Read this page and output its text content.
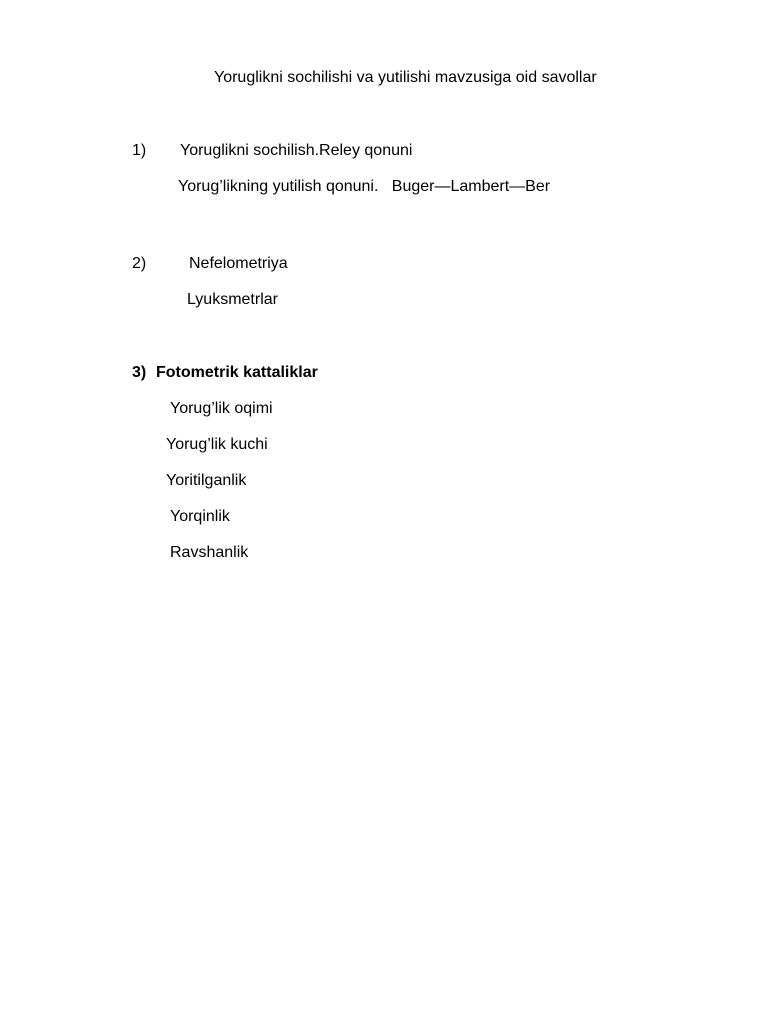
Yoruglikni sochilishi va yutilishi mavzusiga oid savollar
1) Yoruglikni sochilish.Reley qonuni
Yorug’likning yutilish qonuni.   Buger—Lambert—Ber
2)	Nefelometriya
Lyuksmetrlar
3) Fotometrik kattaliklar
Yorug’lik oqimi
Yorug’lik kuchi
Yoritilganlik
Yorqinlik
Ravshanlik
